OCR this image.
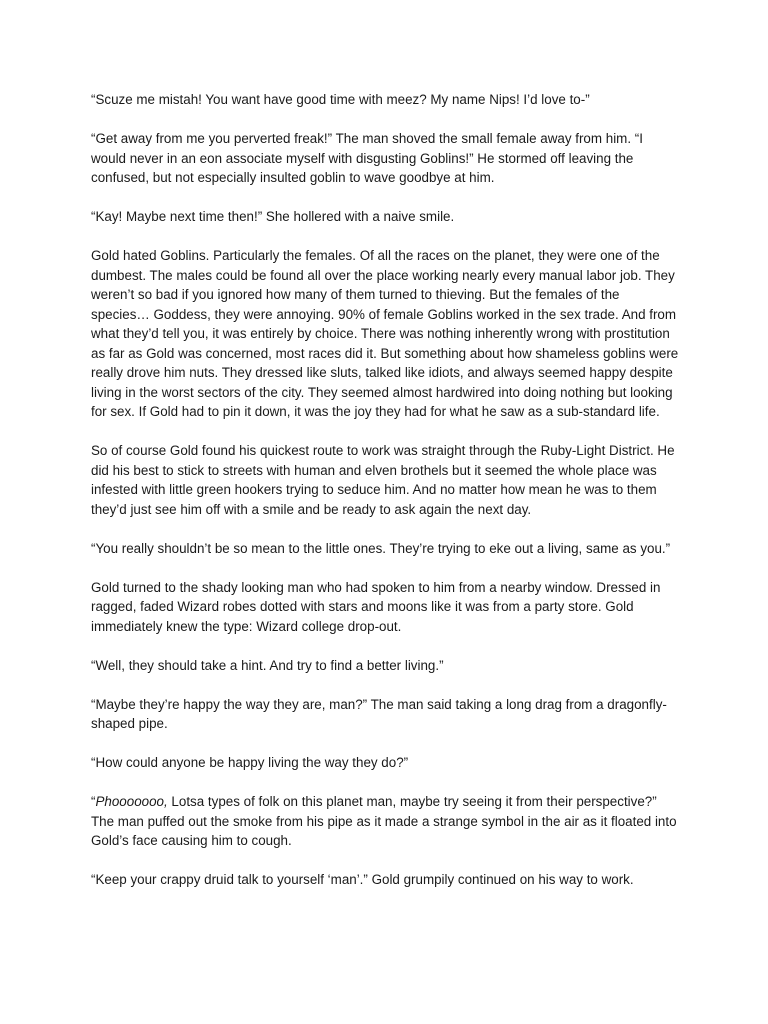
“Scuze me mistah! You want have good time with meez? My name Nips! I’d love to-”

“Get away from me you perverted freak!” The man shoved the small female away from him. “I would never in an eon associate myself with disgusting Goblins!” He stormed off leaving the confused, but not especially insulted goblin to wave goodbye at him.

“Kay! Maybe next time then!” She hollered with a naive smile.

Gold hated Goblins. Particularly the females. Of all the races on the planet, they were one of the dumbest. The males could be found all over the place working nearly every manual labor job. They weren’t so bad if you ignored how many of them turned to thieving. But the females of the species… Goddess, they were annoying. 90% of female Goblins worked in the sex trade. And from what they’d tell you, it was entirely by choice. There was nothing inherently wrong with prostitution as far as Gold was concerned, most races did it. But something about how shameless goblins were really drove him nuts. They dressed like sluts, talked like idiots, and always seemed happy despite living in the worst sectors of the city. They seemed almost hardwired into doing nothing but looking for sex. If Gold had to pin it down, it was the joy they had for what he saw as a sub-standard life.

So of course Gold found his quickest route to work was straight through the Ruby-Light District. He did his best to stick to streets with human and elven brothels but it seemed the whole place was infested with little green hookers trying to seduce him. And no matter how mean he was to them they’d just see him off with a smile and be ready to ask again the next day.

“You really shouldn’t be so mean to the little ones. They’re trying to eke out a living, same as you.”

Gold turned to the shady looking man who had spoken to him from a nearby window. Dressed in ragged, faded Wizard robes dotted with stars and moons like it was from a party store. Gold immediately knew the type: Wizard college drop-out.

“Well, they should take a hint. And try to find a better living.”

“Maybe they’re happy the way they are, man?” The man said taking a long drag from a dragonfly-shaped pipe.

“How could anyone be happy living the way they do?”

“Phooooooo, Lotsa types of folk on this planet man, maybe try seeing it from their perspective?” The man puffed out the smoke from his pipe as it made a strange symbol in the air as it floated into Gold’s face causing him to cough.

“Keep your crappy druid talk to yourself ‘man’.” Gold grumpily continued on his way to work.
